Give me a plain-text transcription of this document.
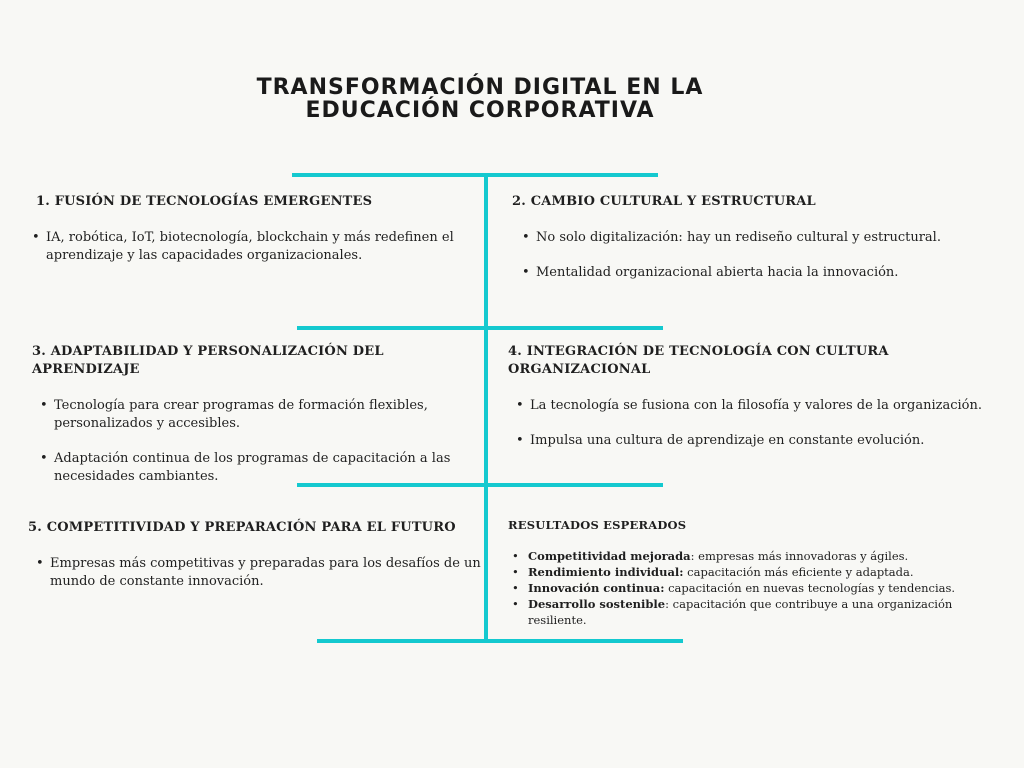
TRANSFORMACIÓN DIGITAL EN LA
EDUCACIÓN CORPORATIVA
1. FUSIÓN DE TECNOLOGÍAS EMERGENTES
• IA, robótica, IoT, biotecnología, blockchain y más redefinen el aprendizaje y las capacidades organizacionales.
2. CAMBIO CULTURAL Y ESTRUCTURAL
• No solo digitalización: hay un rediseño cultural y estructural.
• Mentalidad organizacional abierta hacia la innovación.
3. ADAPTABILIDAD Y PERSONALIZACIÓN DEL APRENDIZAJE
• Tecnología para crear programas de formación flexibles, personalizados y accesibles.
• Adaptación continua de los programas de capacitación a las necesidades cambiantes.
4. INTEGRACIÓN DE TECNOLOGÍA CON CULTURA ORGANIZACIONAL
• La tecnología se fusiona con la filosofía y valores de la organización.
• Impulsa una cultura de aprendizaje en constante evolución.
5. COMPETITIVIDAD Y PREPARACIÓN PARA EL FUTURO
• Empresas más competitivas y preparadas para los desafíos de un mundo de constante innovación.
RESULTADOS ESPERADOS
• Competitividad mejorada: empresas más innovadoras y ágiles.
• Rendimiento individual: capacitación más eficiente y adaptada.
• Innovación continua: capacitación en nuevas tecnologías y tendencias.
• Desarrollo sostenible: capacitación que contribuye a una organización resiliente.
